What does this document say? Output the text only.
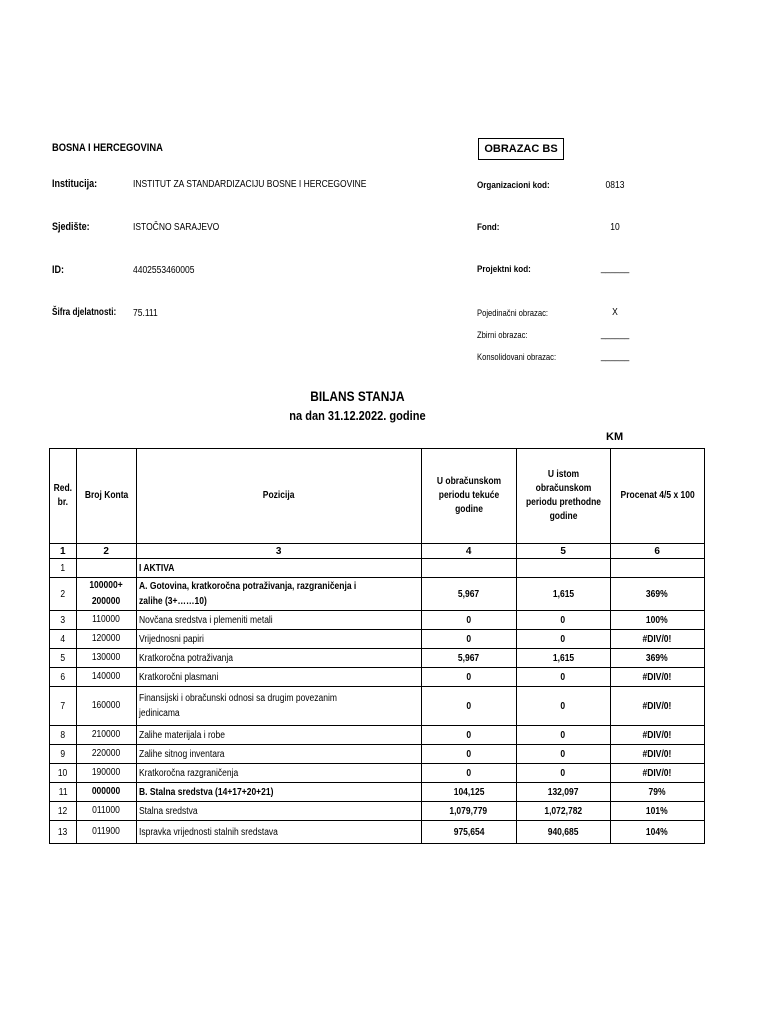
BOSNA I HERCEGOVINA	OBRAZAC BS
Institucija:	INSTITUT ZA STANDARDIZACIJU BOSNE I HERCEGOVINE
Sjedište:	ISTOČNO SARAJEVO
ID:	4402553460005
Šifra djelatnosti: 75.111
Organizacioni kod:	0813
Fond:	10
Projektni kod:	______
Pojedinačni obrazac:	X
Zbirni obrazac:	______
Konsolidovani obrazac:	______
BILANS STANJA
na dan 31.12.2022. godine
KM
Red. br.	Broj Konta	Pozicija	U obračunskom periodu tekuće godine	U istom obračunskom periodu prethodne godine	Procenat 4/5 x 100
1	2	3	4	5	6
1		I AKTIVA			
2	100000+ 200000	A. Gotovina, kratkoročna potraživanja, razgraničenja i zalihe (3+……10)	5,967	1,615	369%
3	110000	Novčana sredstva i plemeniti metali	0	0	100%
4	120000	Vrijednosni papiri	0	0	#DIV/0!
5	130000	Kratkoročna potraživanja	5,967	1,615	369%
6	140000	Kratkoročni plasmani	0	0	#DIV/0!
7	160000	Finansijski i obračunski odnosi sa drugim povezanim jedinicama	0	0	#DIV/0!
8	210000	Zalihe materijala i robe	0	0	#DIV/0!
9	220000	Zalihe sitnog inventara	0	0	#DIV/0!
10	190000	Kratkoročna razgraničenja	0	0	#DIV/0!
11	000000	B. Stalna sredstva (14+17+20+21)	104,125	132,097	79%
12	011000	Stalna sredstva	1,079,779	1,072,782	101%
13	011900	Ispravka vrijednosti stalnih sredstava	975,654	940,685	104%
